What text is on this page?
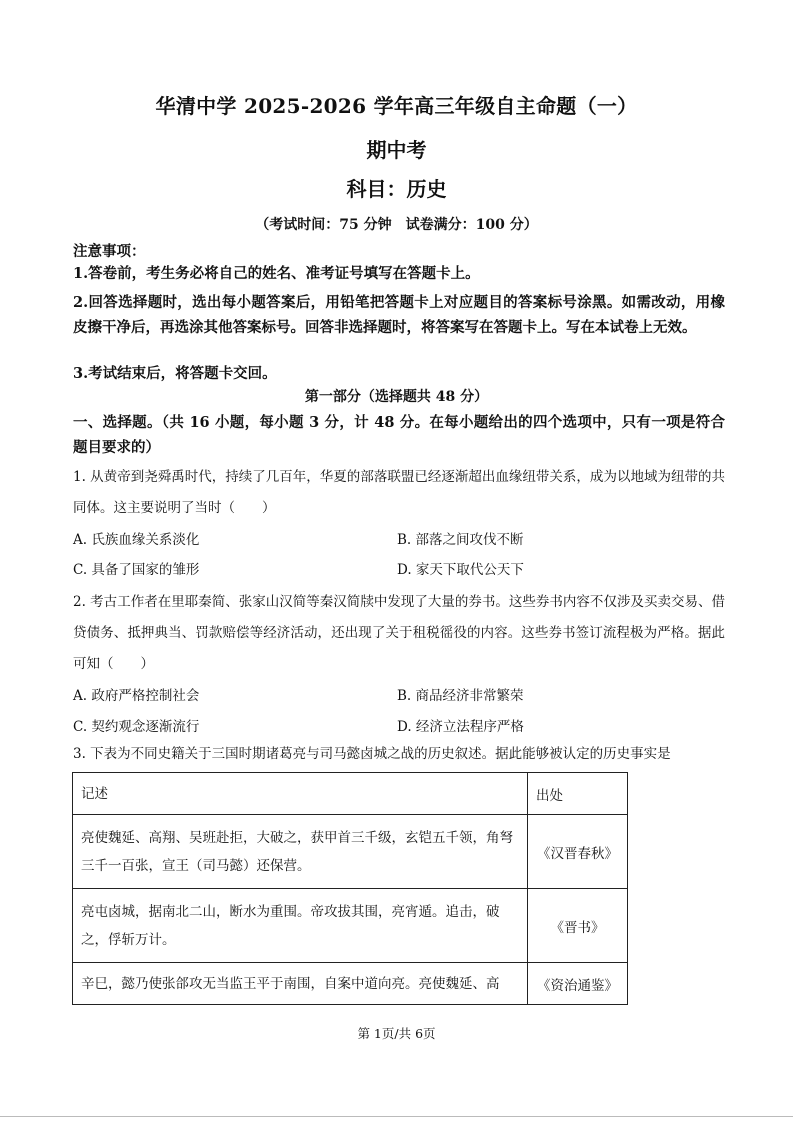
华清中学 2025-2026 学年高三年级自主命题（一）
期中考
科目：历史
（考试时间：75 分钟　试卷满分：100 分）
注意事项：
1.答卷前，考生务必将自己的姓名、准考证号填写在答题卡上。
2.回答选择题时，选出每小题答案后，用铅笔把答题卡上对应题目的答案标号涂黑。如需改动，用橡皮擦干净后，再选涂其他答案标号。回答非选择题时，将答案写在答题卡上。写在本试卷上无效。
3.考试结束后，将答题卡交回。
第一部分（选择题共 48 分）
一、选择题。（共 16 小题，每小题 3 分，计 48 分。在每小题给出的四个选项中，只有一项是符合题目要求的）
1. 从黄帝到尧舜禹时代，持续了几百年，华夏的部落联盟已经逐渐超出血缘纽带关系，成为以地域为纽带的共同体。这主要说明了当时（　　）
A. 氏族血缘关系淡化	B. 部落之间攻伐不断
C. 具备了国家的雏形	D. 家天下取代公天下
2. 考古工作者在里耶秦简、张家山汉简等秦汉简牍中发现了大量的券书。这些券书内容不仅涉及买卖交易、借贷债务、抵押典当、罚款赔偿等经济活动，还出现了关于租税徭役的内容。这些券书签订流程极为严格。据此可知（　　）
A. 政府严格控制社会	B. 商品经济非常繁荣
C. 契约观念逐渐流行	D. 经济立法程序严格
3. 下表为不同史籍关于三国时期诸葛亮与司马懿卤城之战的历史叙述。据此能够被认定的历史事实是
记述	出处
亮使魏延、高翔、吴班赴拒，大破之，获甲首三千级，玄铠五千领，角弩三千一百张，宣王（司马懿）还保营。	《汉晋春秋》
亮屯卤城，据南北二山，断水为重围。帝攻拔其围，亮宵遁。追击，破之，俘斩万计。	《晋书》
辛巳，懿乃使张郃攻无当监王平于南围，自案中道向亮。亮使魏延、高	《资治通鉴》
第 1页/共 6页
